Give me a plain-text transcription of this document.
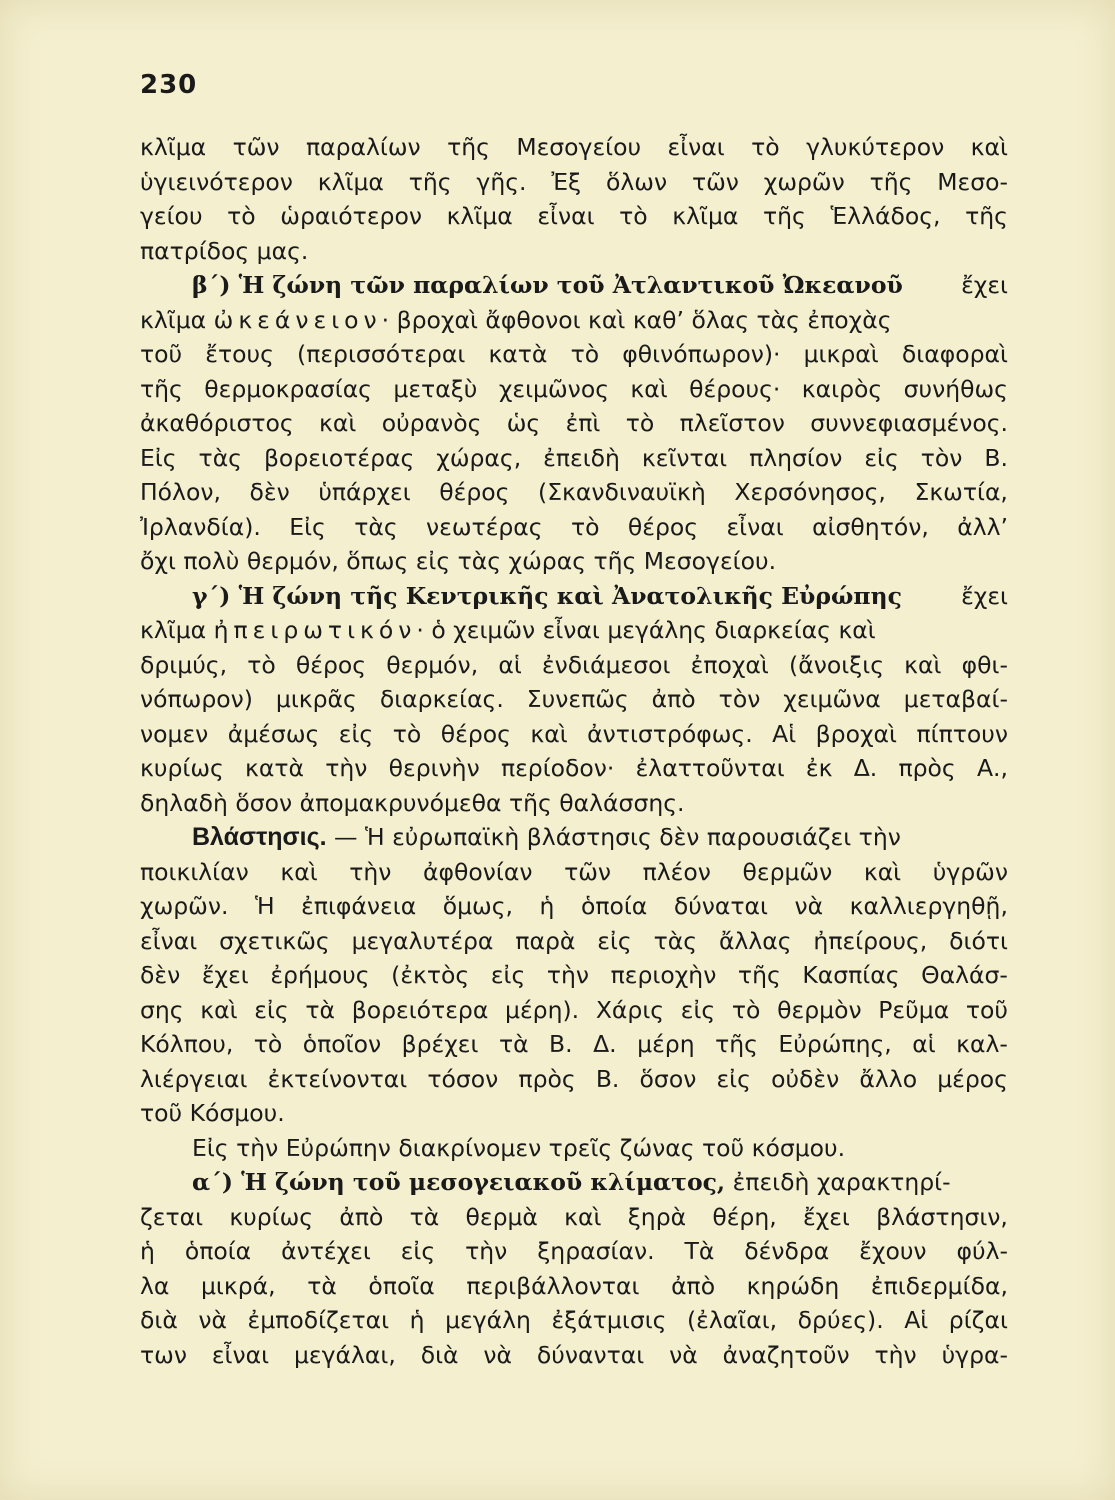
230
κλῖμα τῶν παραλίων τῆς Μεσογείου εἶναι τὸ γλυκύτερον καὶ
ὑγιεινότερον κλῖμα τῆς γῆς. Ἐξ ὅλων τῶν χωρῶν τῆς Μεσο-
γείου τὸ ὡραιότερον κλῖμα εἶναι τὸ κλῖμα τῆς Ἑλλάδος, τῆς
πατρίδος μας.
β΄) Ἡ ζώνη τῶν παραλίων τοῦ Ἀτλαντικοῦ Ὠκεανοῦ ἔχει
κλῖμα ὠκεάνειον· βροχαὶ ἄφθονοι καὶ καθ’ ὅλας τὰς ἐποχὰς
τοῦ ἔτους (περισσότεραι κατὰ τὸ φθινόπωρον)· μικραὶ διαφοραὶ
τῆς θερμοκρασίας μεταξὺ χειμῶνος καὶ θέρους· καιρὸς συνήθως
ἀκαθόριστος καὶ οὐρανὸς ὡς ἐπὶ τὸ πλεῖστον συννεφιασμένος.
Εἰς τὰς βορειοτέρας χώρας, ἐπειδὴ κεῖνται πλησίον εἰς τὸν Β.
Πόλον, δὲν ὑπάρχει θέρος (Σκανδιναυϊκὴ Χερσόνησος, Σκωτία,
Ἰρλανδία). Εἰς τὰς νεωτέρας τὸ θέρος εἶναι αἰσθητόν, ἀλλ’
ὄχι πολὺ θερμόν, ὅπως εἰς τὰς χώρας τῆς Μεσογείου.
γ΄) Ἡ ζώνη τῆς Κεντρικῆς καὶ Ἀνατολικῆς Εὐρώπης	ἔχει
κλῖμα ἠπειρωτικόν· ὁ χειμῶν εἶναι μεγάλης διαρκείας καὶ
δριμύς, τὸ θέρος θερμόν, αἱ ἐνδιάμεσοι ἐποχαὶ (ἄνοιξις καὶ φθι-
νόπωρον) μικρᾶς διαρκείας. Συνεπῶς ἀπὸ τὸν χειμῶνα μεταβαί-
νομεν ἀμέσως εἰς τὸ θέρος καὶ ἀντιστρόφως. Αἱ βροχαὶ πίπτουν
κυρίως κατὰ τὴν θερινὴν περίοδον· ἐλαττοῦνται ἐκ Δ. πρὸς Α.,
δηλαδὴ ὅσον ἀπομακρυνόμεθα τῆς θαλάσσης.
Βλάστησις. — Ἡ εὐρωπαϊκὴ βλάστησις δὲν παρουσιάζει τὴν
ποικιλίαν καὶ τὴν ἀφθονίαν τῶν πλέον θερμῶν καὶ ὑγρῶν
χωρῶν. Ἡ ἐπιφάνεια ὅμως, ἡ ὁποία δύναται νὰ καλλιεργηθῇ,
εἶναι σχετικῶς μεγαλυτέρα παρὰ εἰς τὰς ἄλλας ἠπείρους, διότι
δὲν ἔχει ἐρήμους (ἐκτὸς εἰς τὴν περιοχὴν τῆς Κασπίας Θαλάσ-
σης καὶ εἰς τὰ βορειότερα μέρη). Χάρις εἰς τὸ θερμὸν Ρεῦμα τοῦ
Κόλπου, τὸ ὁποῖον βρέχει τὰ Β. Δ. μέρη τῆς Εὐρώπης, αἱ καλ-
λιέργειαι ἐκτείνονται τόσον πρὸς Β. ὅσον εἰς οὐδὲν ἄλλο μέρος
τοῦ Κόσμου.
Εἰς τὴν Εὐρώπην διακρίνομεν τρεῖς ζώνας τοῦ κόσμου.
α΄) Ἡ ζώνη τοῦ μεσογειακοῦ κλίματος, ἐπειδὴ χαρακτηρί-
ζεται κυρίως ἀπὸ τὰ θερμὰ καὶ ξηρὰ θέρη, ἔχει βλάστησιν,
ἡ ὁποία ἀντέχει εἰς τὴν ξηρασίαν. Τὰ δένδρα ἔχουν φύλ-
λα μικρά, τὰ ὁποῖα περιβάλλονται ἀπὸ κηρώδη ἐπιδερμίδα,
διὰ νὰ ἐμποδίζεται ἡ μεγάλη ἐξάτμισις (ἐλαῖαι, δρύες). Αἱ ρίζαι
των εἶναι μεγάλαι, διὰ νὰ δύνανται νὰ ἀναζητοῦν τὴν ὑγρα-
